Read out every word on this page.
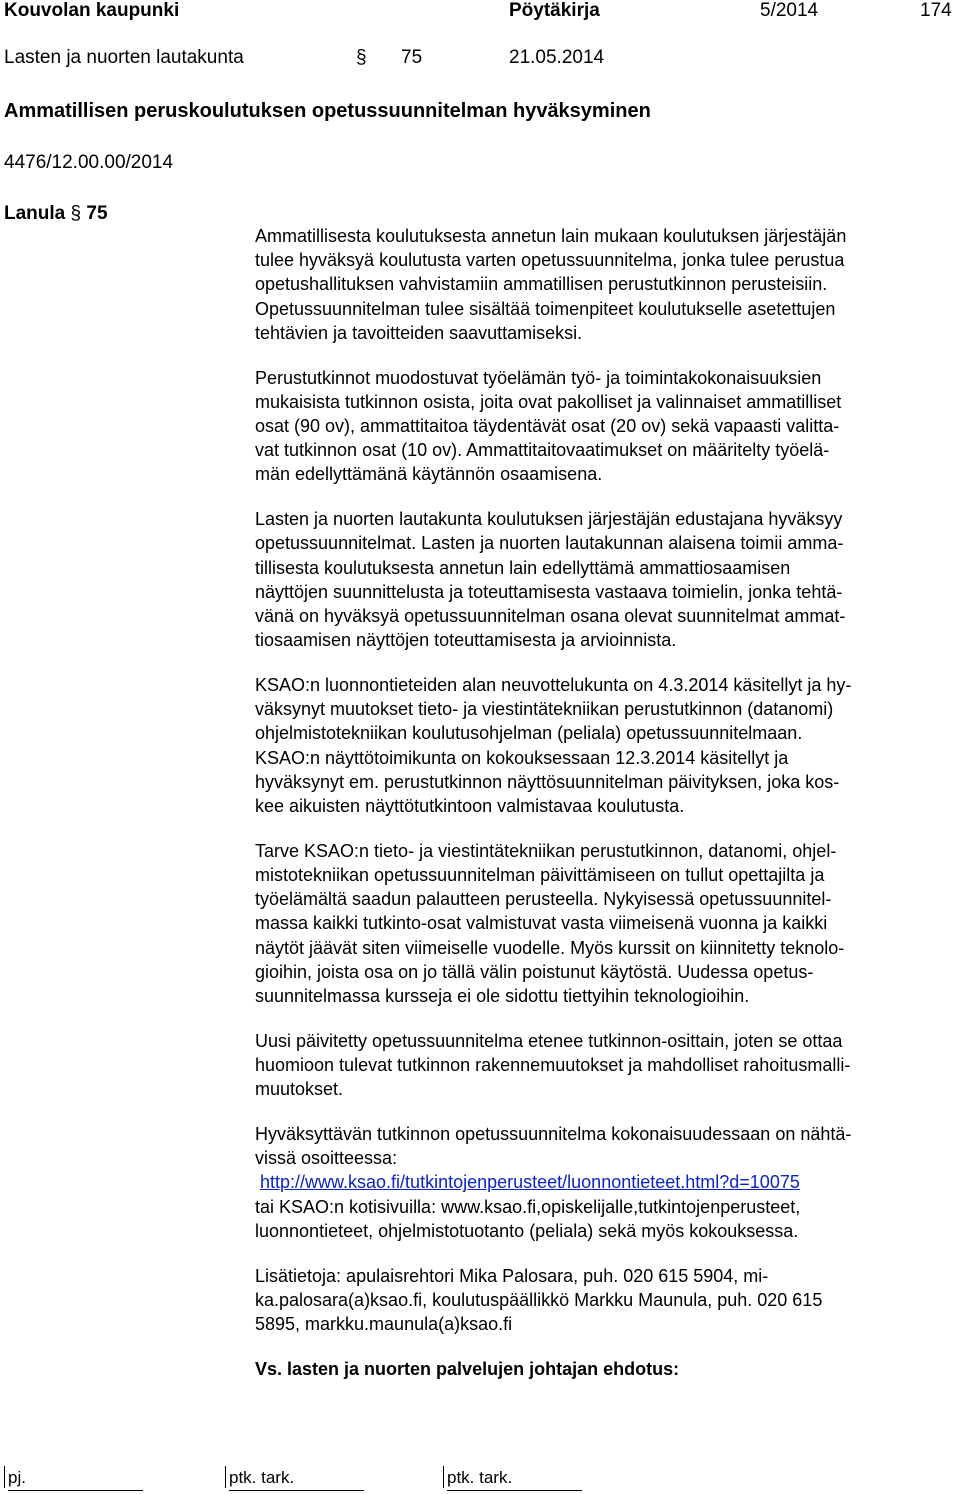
Kouvolan kaupunki	Pöytäkirja	5/2014	174
Lasten ja nuorten lautakunta	§ 75	21.05.2014
Ammatillisen peruskoulutuksen opetussuunnitelman hyväksyminen
4476/12.00.00/2014
Lanula § 75
Ammatillisesta koulutuksesta annetun lain mukaan koulutuksen järjestäjän
tulee hyväksyä koulutusta varten opetussuunnitelma, jonka tulee perustua
opetushallituksen vahvistamiin ammatillisen perustutkinnon perusteisiin.
Opetussuunnitelman tulee sisältää toimenpiteet koulutukselle asetettujen
tehtävien ja tavoitteiden saavuttamiseksi.
Perustutkinnot muodostuvat työelämän työ- ja toimintakokonaisuuksien
mukaisista tutkinnon osista, joita ovat pakolliset ja valinnaiset ammatilliset
osat (90 ov), ammattitaitoa täydentävät osat (20 ov) sekä vapaasti valitta-
vat tutkinnon osat (10 ov). Ammattitaitovaatimukset on määritelty työelä-
män edellyttämänä käytännön osaamisena.
Lasten ja nuorten lautakunta koulutuksen järjestäjän edustajana hyväksyy
opetussuunnitelmat. Lasten ja nuorten lautakunnan alaisena toimii amma-
tillisesta koulutuksesta annetun lain edellyttämä ammattiosaamisen
näyttöjen suunnittelusta ja toteuttamisesta vastaava toimielin, jonka tehtä-
vänä on hyväksyä opetussuunnitelman osana olevat suunnitelmat ammat-
tiosaamisen näyttöjen toteuttamisesta ja arvioinnista.
KSAO:n luonnontieteiden alan neuvottelukunta on 4.3.2014 käsitellyt ja hy-
väksynyt muutokset tieto- ja viestintätekniikan perustutkinnon (datanomi)
ohjelmistotekniikan koulutusohjelman (peliala) opetussuunnitelmaan.
KSAO:n näyttötoimikunta on kokouksessaan 12.3.2014 käsitellyt ja
hyväksynyt em. perustutkinnon näyttösuunnitelman päivityksen, joka kos-
kee aikuisten näyttötutkintoon valmistavaa koulutusta.
Tarve KSAO:n tieto- ja viestintätekniikan perustutkinnon, datanomi, ohjel-
mistotekniikan opetussuunnitelman päivittämiseen on tullut opettajilta ja
työelämältä saadun palautteen perusteella. Nykyisessä opetussuunnitel-
massa kaikki tutkinto-osat valmistuvat vasta viimeisenä vuonna ja kaikki
näytöt jäävät siten viimeiselle vuodelle. Myös kurssit on kiinnitetty teknolo-
gioihin, joista osa on jo tällä välin poistunut käytöstä. Uudessa opetus-
suunnitelmassa kursseja ei ole sidottu tiettyihin teknologioihin.
Uusi päivitetty opetussuunnitelma etenee tutkinnon-osittain, joten se ottaa
huomioon tulevat tutkinnon rakennemuutokset ja mahdolliset rahoitusmalli-
muutokset.
Hyväksyttävän tutkinnon opetussuunnitelma kokonaisuudessaan on nähtä-
vissä osoitteessa:
http://www.ksao.fi/tutkintojenperusteet/luonnontieteet.html?d=10075
tai KSAO:n kotisivuilla: www.ksao.fi,opiskelijalle,tutkintojenperusteet,
luonnontieteet, ohjelmistotuotanto (peliala) sekä myös kokouksessa.
Lisätietoja: apulaisrehtori Mika Palosara, puh. 020 615 5904, mi-
ka.palosara(a)ksao.fi, koulutuspäällikkö Markku Maunula, puh. 020 615
5895, markku.maunula(a)ksao.fi
Vs. lasten ja nuorten palvelujen johtajan ehdotus:
pj.	ptk. tark.	ptk. tark.
